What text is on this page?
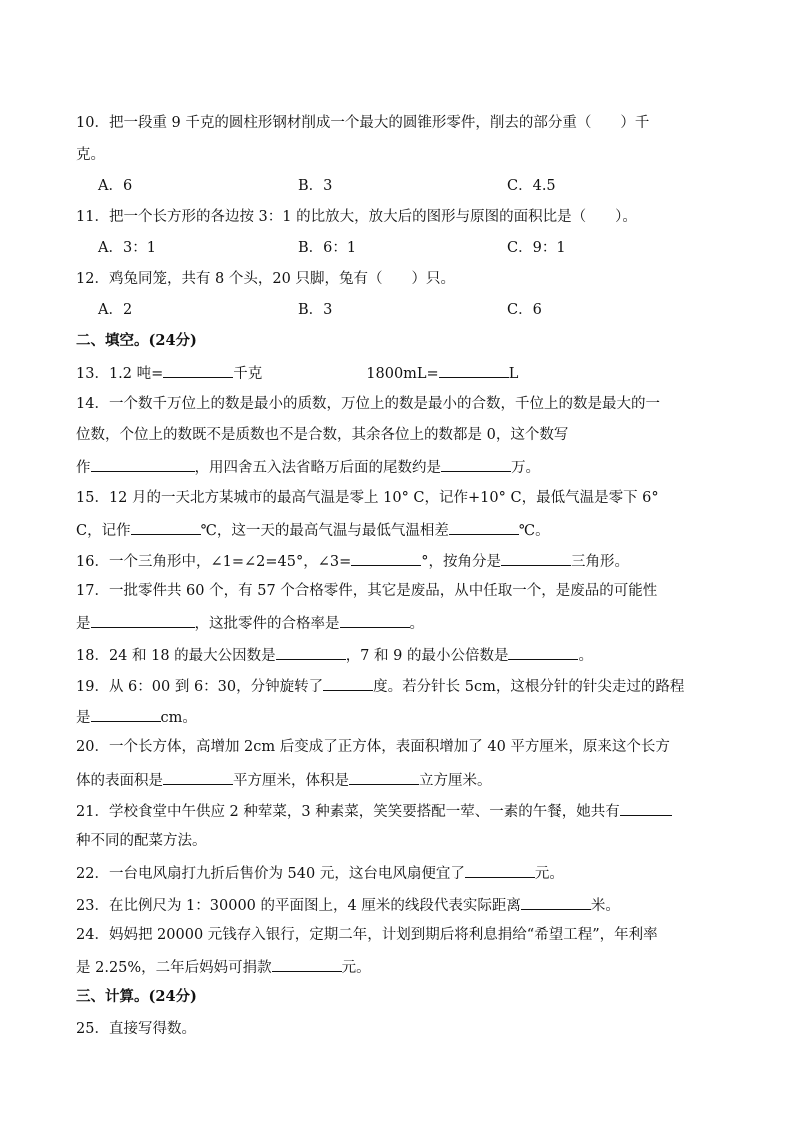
10．把一段重 9 千克的圆柱形钢材削成一个最大的圆锥形零件，削去的部分重（　　）千
克。
A．6	B．3	C．4.5
11．把一个长方形的各边按 3：1 的比放大，放大后的图形与原图的面积比是（　　）。
A．3：1	B．6：1	C．9：1
12．鸡兔同笼，共有 8 个头，20 只脚，兔有（　　）只。
A．2	B．3	C．6
二、填空。(24分)
13．1.2 吨=	千克	1800mL=	L
14．一个数千万位上的数是最小的质数，万位上的数是最小的合数，千位上的数是最大的一
位数，个位上的数既不是质数也不是合数，其余各位上的数都是 0，这个数写
作	，用四舍五入法省略万后面的尾数约是	万。
15．12 月的一天北方某城市的最高气温是零上 10° C，记作+10° C，最低气温是零下 6°
C，记作	℃，这一天的最高气温与最低气温相差	℃。
16．一个三角形中，∠1=∠2=45°，∠3=	°，按角分是	三角形。
17．一批零件共 60 个，有 57 个合格零件，其它是废品，从中任取一个，是废品的可能性
是	，这批零件的合格率是	。
18．24 和 18 的最大公因数是	，7 和 9 的最小公倍数是	。
19．从 6：00 到 6：30，分钟旋转了	度。若分针长 5cm，这根分针的针尖走过的路程
是	cm。
20．一个长方体，高增加 2cm 后变成了正方体，表面积增加了 40 平方厘米，原来这个长方
体的表面积是	平方厘米，体积是	立方厘米。
21．学校食堂中午供应 2 种荤菜，3 种素菜，笑笑要搭配一荤、一素的午餐，她共有
种不同的配菜方法。
22．一台电风扇打九折后售价为 540 元，这台电风扇便宜了	元。
23．在比例尺为 1：30000 的平面图上，4 厘米的线段代表实际距离	米。
24．妈妈把 20000 元钱存入银行，定期二年，计划到期后将利息捐给“希望工程”，年利率
是 2.25%，二年后妈妈可捐款	元。
三、计算。(24分)
25．直接写得数。
